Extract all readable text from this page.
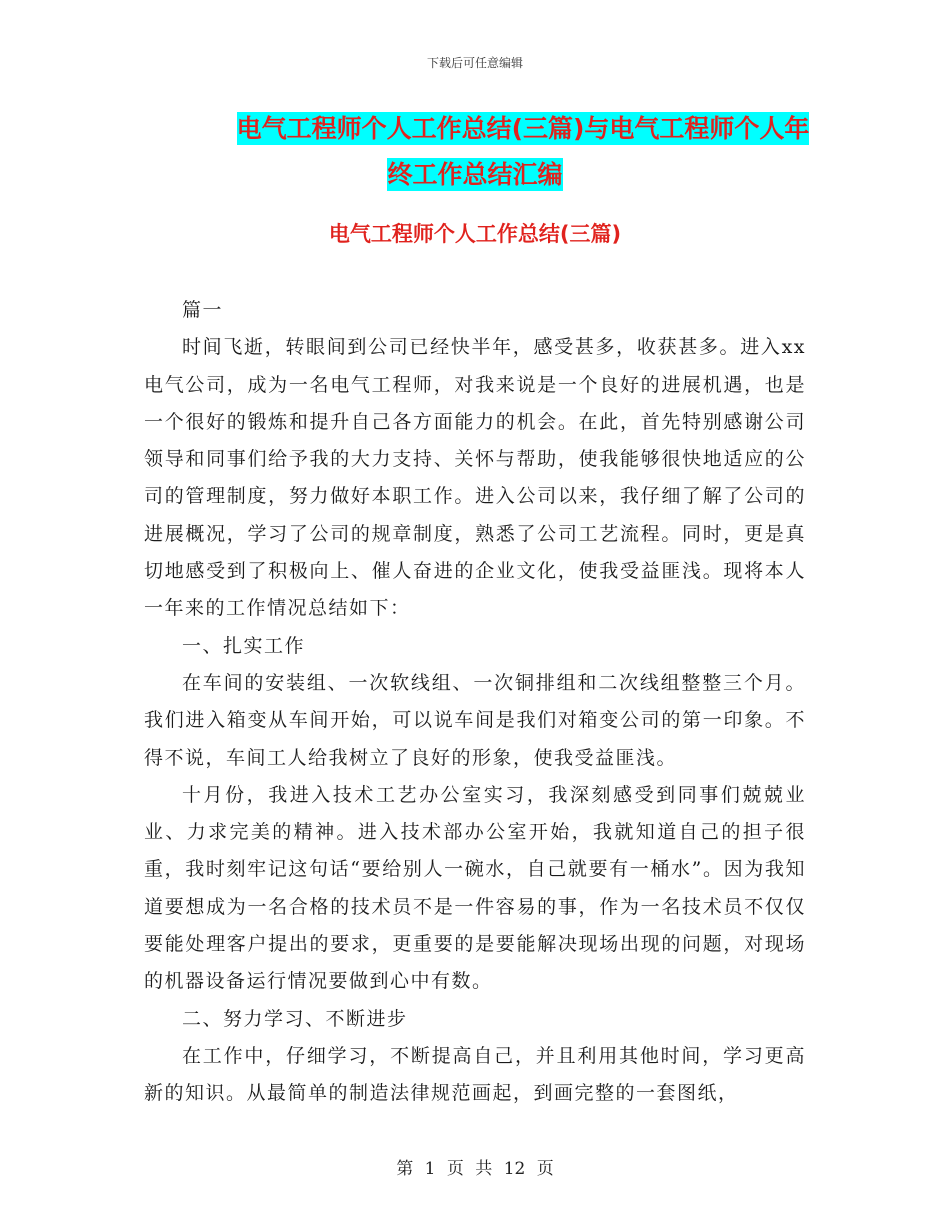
下载后可任意编辑
电气工程师个人工作总结(三篇)与电气工程师个人年
终工作总结汇编
电气工程师个人工作总结(三篇)

篇一

时间飞逝，转眼间到公司已经快半年，感受甚多，收获甚多。进入xx电气公司，成为一名电气工程师，对我来说是一个良好的进展机遇，也是一个很好的锻炼和提升自己各方面能力的机会。在此，首先特别感谢公司领导和同事们给予我的大力支持、关怀与帮助，使我能够很快地适应的公司的管理制度，努力做好本职工作。进入公司以来，我仔细了解了公司的进展概况，学习了公司的规章制度，熟悉了公司工艺流程。同时，更是真切地感受到了积极向上、催人奋进的企业文化，使我受益匪浅。现将本人一年来的工作情况总结如下：

一、扎实工作

在车间的安装组、一次软线组、一次铜排组和二次线组整整三个月。我们进入箱变从车间开始，可以说车间是我们对箱变公司的第一印象。不得不说，车间工人给我树立了良好的形象，使我受益匪浅。

十月份，我进入技术工艺办公室实习，我深刻感受到同事们兢兢业业、力求完美的精神。进入技术部办公室开始，我就知道自己的担子很重，我时刻牢记这句话“要给别人一碗水，自己就要有一桶水”。因为我知道要想成为一名合格的技术员不是一件容易的事，作为一名技术员不仅仅要能处理客户提出的要求，更重要的是要能解决现场出现的问题，对现场的机器设备运行情况要做到心中有数。

二、努力学习、不断进步

在工作中，仔细学习，不断提高自己，并且利用其他时间，学习更高新的知识。从最简单的制造法律规范画起，到画完整的一套图纸，

第 1 页 共 12 页
